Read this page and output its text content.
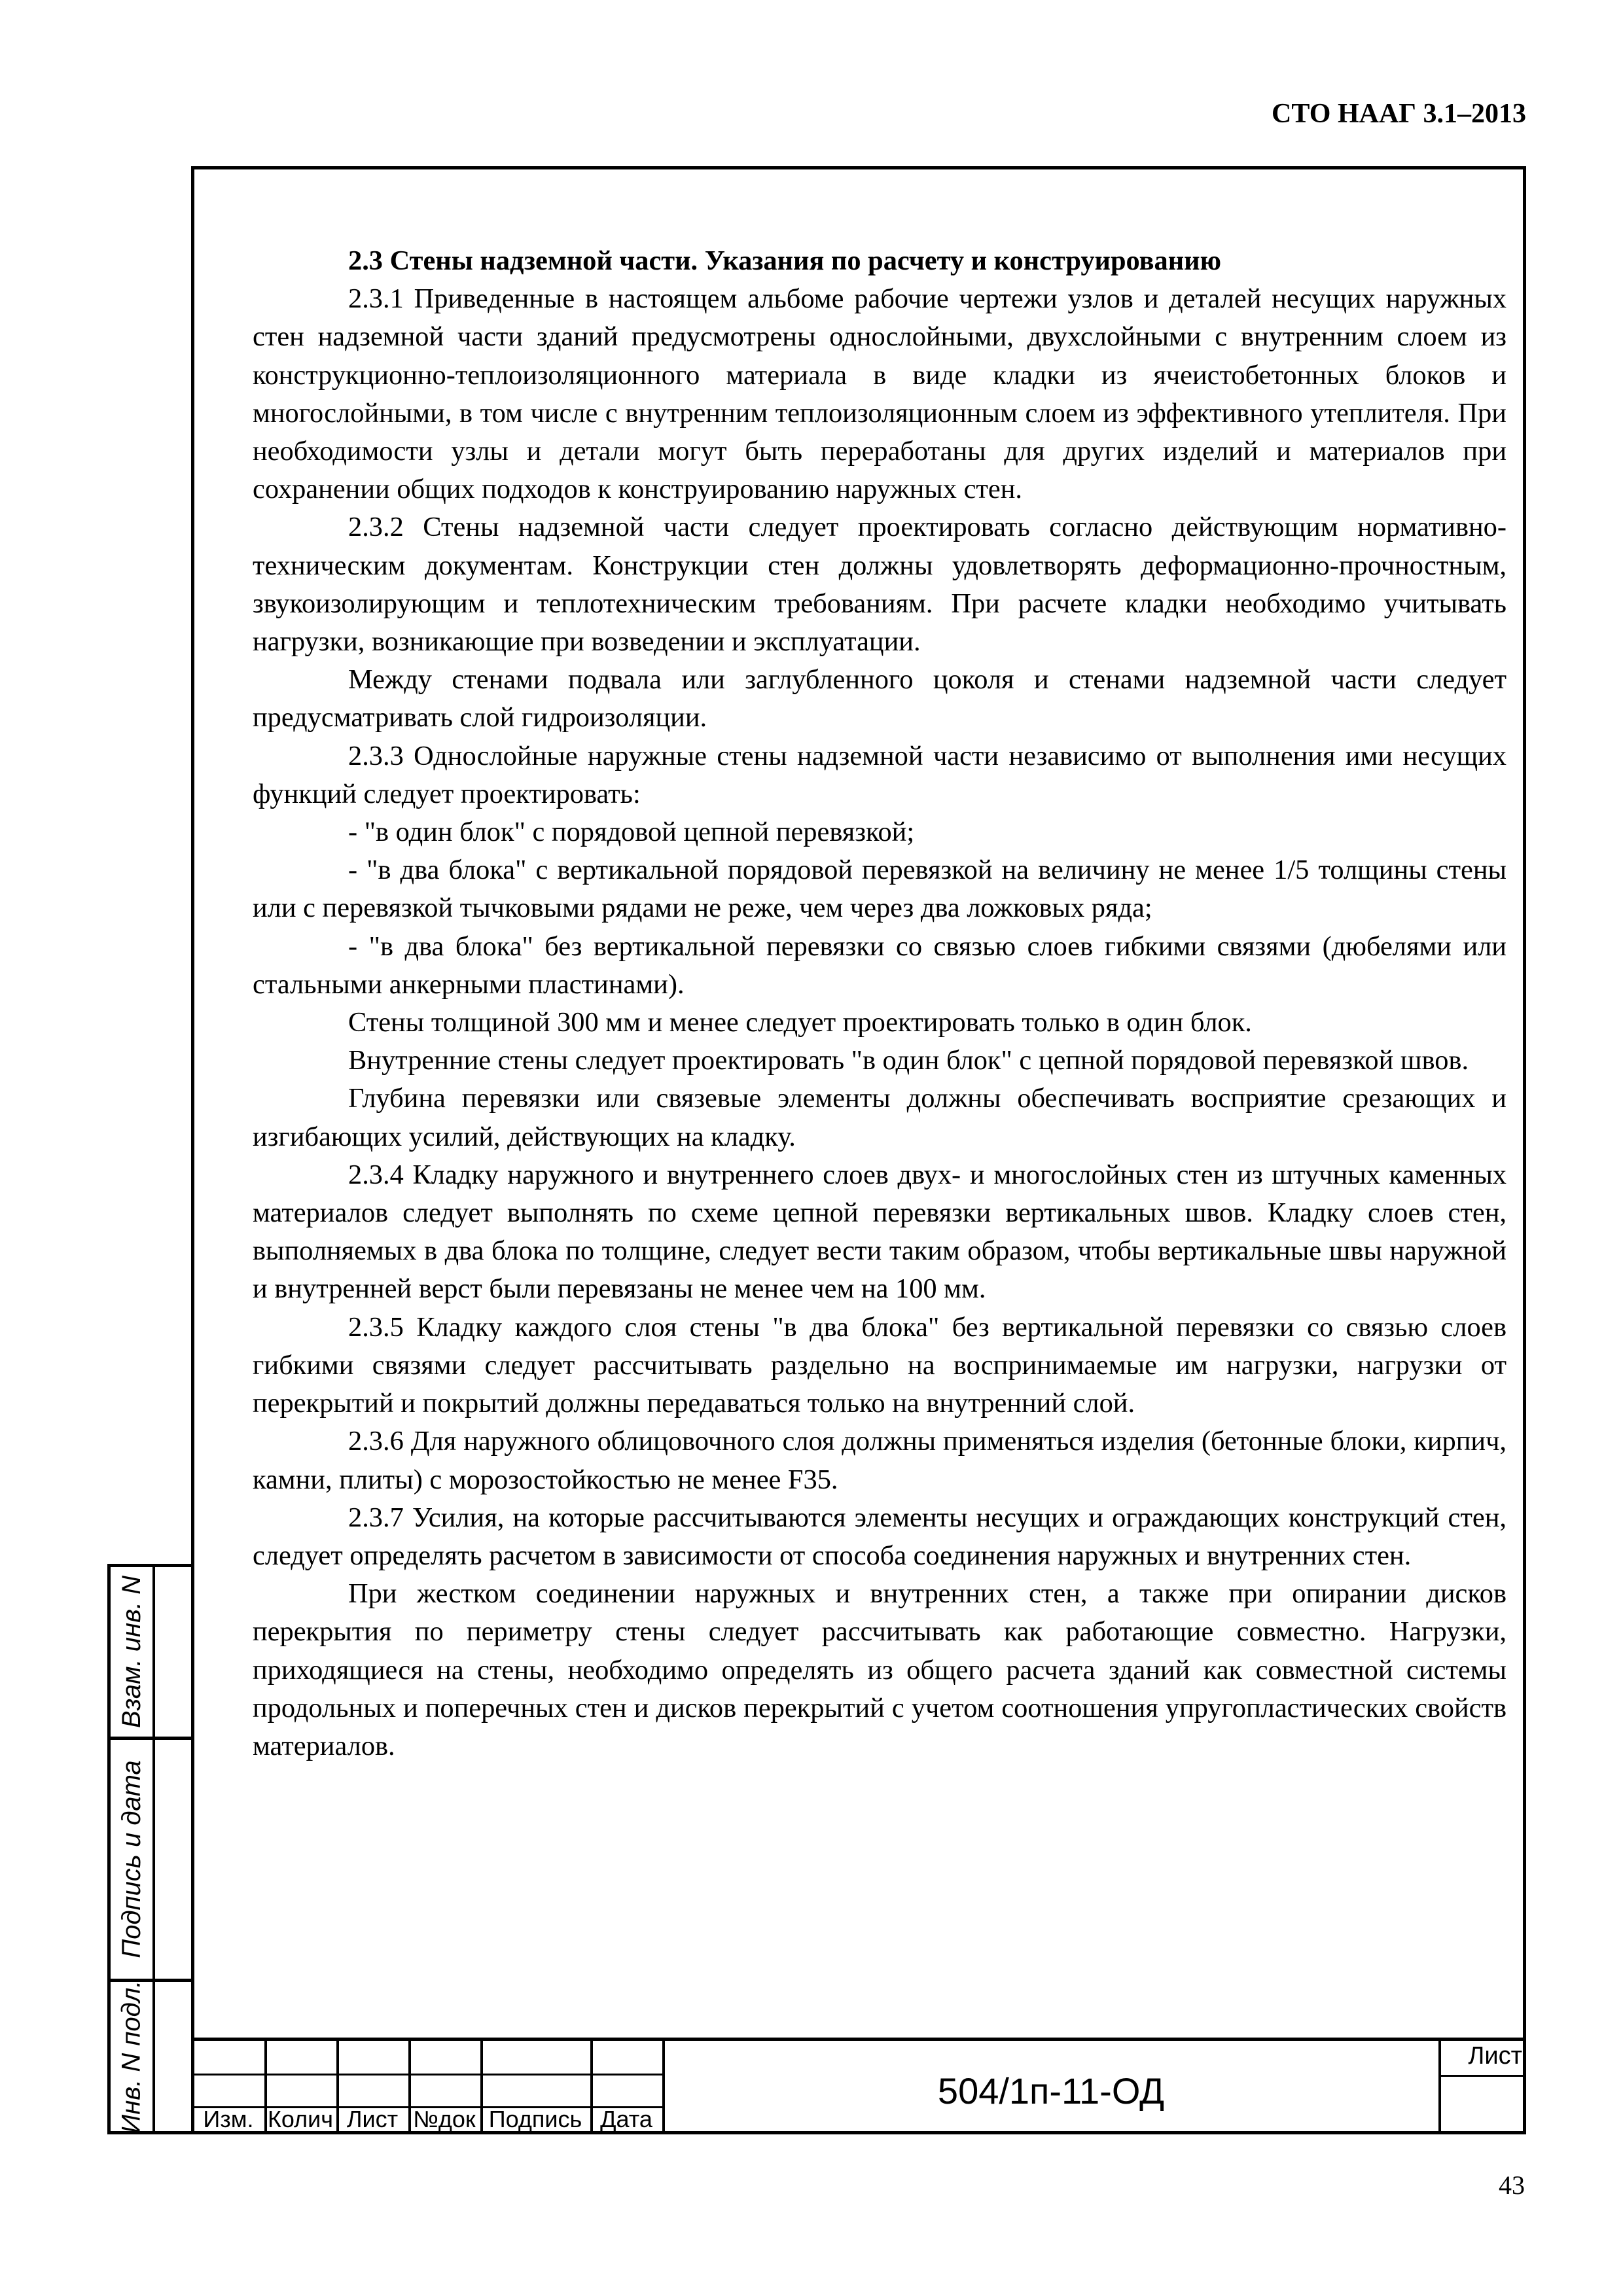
СТО НААГ 3.1–2013

2.3 Стены надземной части. Указания по расчету и конструированию

2.3.1 Приведенные в настоящем альбоме рабочие чертежи узлов и деталей несущих наружных стен надземной части зданий предусмотрены однослойными, двухслойными с внутренним слоем из конструкционно-теплоизоляционного материала в виде кладки из ячеистобетонных блоков и многослойными, в том числе с внутренним теплоизоляционным слоем из эффективного утеплителя. При необходимости узлы и детали могут быть переработаны для других изделий и материалов при сохранении общих подходов к конструированию наружных стен.

2.3.2 Стены надземной части следует проектировать согласно действующим нормативно-техническим документам. Конструкции стен должны удовлетворять деформационно-прочностным, звукоизолирующим и теплотехническим требованиям. При расчете кладки необходимо учитывать нагрузки, возникающие при возведении и эксплуатации.

Между стенами подвала или заглубленного цоколя и стенами надземной части следует предусматривать слой гидроизоляции.

2.3.3 Однослойные наружные стены надземной части независимо от выполнения ими несущих функций следует проектировать:

- "в один блок" с порядовой цепной перевязкой;

- "в два блока" с вертикальной порядовой перевязкой на величину не менее 1/5 толщины стены или с перевязкой тычковыми рядами не реже, чем через два ложковых ряда;

- "в два блока" без вертикальной перевязки со связью слоев гибкими связями (дюбелями или стальными анкерными пластинами).

Стены толщиной 300 мм и менее следует проектировать только в один блок.

Внутренние стены следует проектировать "в один блок" с цепной порядовой перевязкой швов.

Глубина перевязки или связевые элементы должны обеспечивать восприятие срезающих и изгибающих усилий, действующих на кладку.

2.3.4 Кладку наружного и внутреннего слоев двух- и многослойных стен из штучных каменных материалов следует выполнять по схеме цепной перевязки вертикальных швов. Кладку слоев стен, выполняемых в два блока по толщине, следует вести таким образом, чтобы вертикальные швы наружной и внутренней верст были перевязаны не менее чем на 100 мм.

2.3.5 Кладку каждого слоя стены "в два блока" без вертикальной перевязки со связью слоев гибкими связями следует рассчитывать раздельно на воспринимаемые им нагрузки, нагрузки от перекрытий и покрытий должны передаваться только на внутренний слой.

2.3.6 Для наружного облицовочного слоя должны применяться изделия (бетонные блоки, кирпич, камни, плиты) с морозостойкостью не менее F35.

2.3.7 Усилия, на которые рассчитываются элементы несущих и ограждающих конструкций стен, следует определять расчетом в зависимости от способа соединения наружных и внутренних стен.

При жестком соединении наружных и внутренних стен, а также при опирании дисков перекрытия по периметру стены следует рассчитывать как работающие совместно. Нагрузки, приходящиеся на стены, необходимо определять из общего расчета зданий как совместной системы продольных и поперечных стен и дисков перекрытий с учетом соотношения упругопластических свойств материалов.

Взам. инв. N
Подпись и дата
Инв. N подл.	Изм. Колич Лист №док Подпись Дата
504/1п-11-ОД
Лист
43
